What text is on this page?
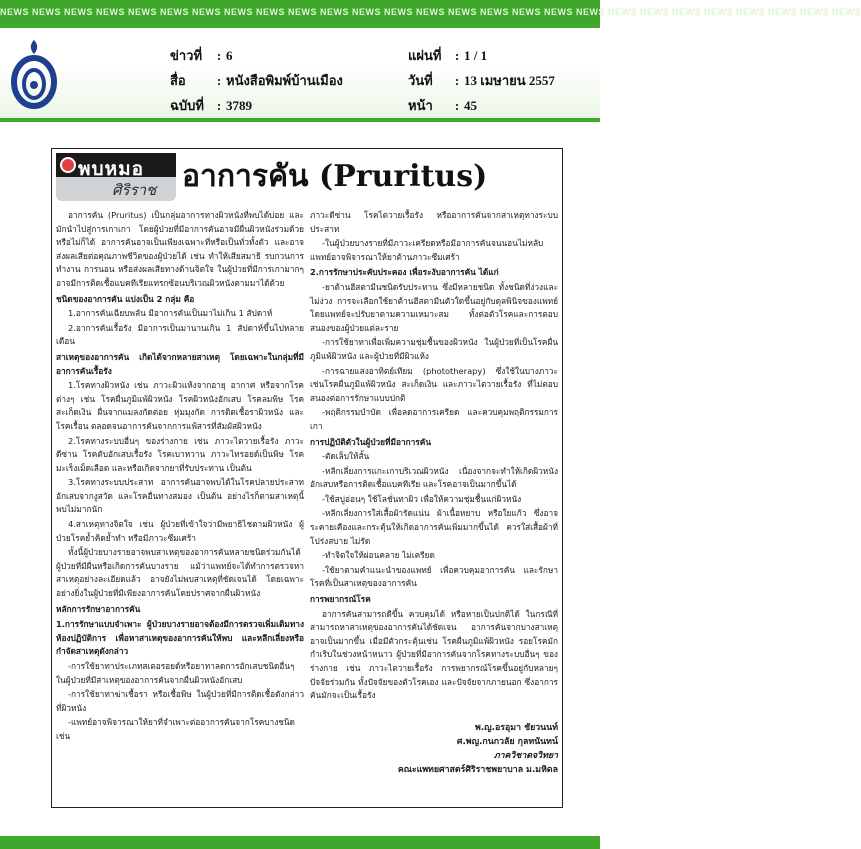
NEWS NEWS NEWS NEWS NEWS NEWS NEWS NEWS NEWS NEWS NEWS NEWS NEWS NEWS NEWS NEWS NEWS NEWS NEWS NEWS NEWS NEWS NEWS NEWS NEWS NEWS NEWS
ข่าวที่ : 6
สื่อ : หนังสือพิมพ์บ้านเมือง
ฉบับที่ : 3789
แผ่นที่ : 1 / 1
วันที่ : 13 เมษายน 2557
หน้า : 45
พบหมอ
ศิริราช อาการคัน (Pruritus)

อาการคัน (Pruritus) เป็นกลุ่มอาการทางผิวหนังที่พบได้บ่อย และมักนำไปสู่การเกาเกา โดยผู้ป่วยที่มีอาการคันอาจมีผื่นผิวหนังร่วมด้วยหรือไม่ก็ได้ อาการคันอาจเป็นเพียงเฉพาะที่หรือเป็นทั่วทั้งตัว และอาจส่งผลเสียต่อคุณภาพชีวิตของผู้ป่วยได้ เช่น ทำให้เสียสมาธิ รบกวนการทำงาน การนอน หรือส่งผลเสียทางด้านจิตใจ ในผู้ป่วยที่มีการเกามากๆ อาจมีการติดเชื้อแบคทีเรียแทรกซ้อนบริเวณผิวหนังตามมาได้ด้วย

ชนิดของอาการคัน แบ่งเป็น 2 กลุ่ม คือ

1.อาการคันเฉียบพลัน มีอาการคันเป็นมาไม่เกิน 1 สัปดาห์

2.อาการคันเรื้อรัง มีอาการเป็นมานานเกิน 1 สัปดาห์ขึ้นไปหลายเดือน

สาเหตุของอาการคัน เกิดได้จากหลายสาเหตุ โดยเฉพาะในกลุ่มที่มีอาการคันเรื้อรัง

1.โรคทางผิวหนัง เช่น ภาวะผิวแห้งจากอายุ อากาศ หรือจากโรคต่างๆ เช่น โรคผื่นภูมิแพ้ผิวหนัง โรคผิวหนังอักเสบ โรคลมพิษ โรคสะเก็ดเงิน ผื่นจากแมลงกัดต่อย หุ่มมุงกัด การติดเชื้อราผิวหนัง และโรคเรื้อน ตลอดจนอาการคันจากการแพ้สารที่สัมผัสผิวหนัง

2.โรคทางระบบอื่นๆ ของร่างกาย เช่น ภาวะไตวายเรื้อรัง ภาวะดีซ่าน โรคตับอักเสบเรื้อรัง โรคเบาหวาน ภาวะไทรอยด์เป็นพิษ โรคมะเร็งเม็ดเลือด และหรือเกิดจากยาที่รับประทาน เป็นต้น

3.โรคทางระบบประสาท อาการคันอาจพบได้ในโรคปลายประสาทอักเสบจากงูสวัด และโรคอื่นทางสมอง เป็นต้น อย่างไรก็ตามสาเหตุนี้พบไม่มากนัก

4.สาเหตุทางจิตใจ เช่น ผู้ป่วยที่เข้าใจว่ามีพยาธิไชตามผิวหนัง ผู้ป่วยโรคย้ำคิดย้ำทำ หรือมีภาวะซึมเศร้า

ทั้งนี้ผู้ป่วยบางรายอาจพบสาเหตุของอาการคันหลายชนิดร่วมกันได้ ผู้ป่วยที่มีผื่นหรือเกิดการคันบางราย แม้ว่าแพทย์จะได้ทำการตรวจหาสาเหตุอย่างละเอียดแล้ว อาจยังไม่พบสาเหตุที่ชัดเจนได้ โดยเฉพาะอย่างยิ่งในผู้ป่วยที่มีเพียงอาการคันโดยปราศจากผื่นผิวหนัง

หลักการรักษาอาการคัน

1.การรักษาแบบจำเพาะ ผู้ป่วยบางรายอาจต้องมีการตรวจเพิ่มเติมทางห้องปฏิบัติการ เพื่อหาสาเหตุของอาการคันให้พบ และหลีกเลี่ยงหรือกำจัดสาเหตุดังกล่าว

-การใช้ยาทาประเภทสเตอรอยด์หรือยาทาลดการอักเสบชนิดอื่นๆ ในผู้ป่วยที่มีสาเหตุของอาการคันจากผื่นผิวหนังอักเสบ

-การใช้ยาทาฆ่าเชื้อรา หรือเชื้อพิษ ในผู้ป่วยที่มีการติดเชื้อดังกล่าวที่ผิวหนัง

-แพทย์อาจพิจารณาให้ยาที่จำเพาะต่ออาการคันจากโรคบางชนิด เช่น

ภาวะดีซ่าน โรคไตวายเรื้อรัง หรืออาการคันจากสาเหตุทางระบบประสาท

-ในผู้ป่วยบางรายที่มีภาวะเครียดหรือมีอาการคันจนนอนไม่หลับ แพทย์อาจพิจารณาให้ยาต้านภาวะซึมเศร้า

2.การรักษาประคับประคอง เพื่อระงับอาการคัน ได้แก่

-ยาต้านฮีสตามีนชนิดรับประทาน ซึ่งมีหลายชนิด ทั้งชนิดที่ง่วงและไม่ง่วง การจะเลือกใช้ยาต้านฮีสตามีนตัวใดขึ้นอยู่กับดุลพินิจของแพทย์ โดยแพทย์จะปรับยาตามความเหมาะสม ทั้งต่อตัวโรคและการตอบสนองของผู้ป่วยแต่ละราย

-การใช้ยาทาเพื่อเพิ่มความชุ่มชื้นของผิวหนัง ในผู้ป่วยที่เป็นโรคผื่นภูมิแพ้ผิวหนัง และผู้ป่วยที่มีผิวแห้ง

-การฉายแสงอาทิตย์เทียม (phototherapy) ซึ่งใช้ในบางภาวะ เช่นโรคผื่นภูมิแพ้ผิวหนัง สะเก็ดเงิน และภาวะไตวายเรื้อรัง ที่ไม่ตอบสนองต่อการรักษาแบบปกติ

-พฤติกรรมบำบัด เพื่อลดอาการเครียด และควบคุมพฤติกรรมการเกา

การปฏิบัติตัวในผู้ป่วยที่มีอาการคัน

-ตัดเล็บให้สั้น

-หลีกเลี่ยงการแกะเกาบริเวณผิวหนัง เนื่องจากจะทำให้เกิดผิวหนังอักเสบหรือการติดเชื้อแบคทีเรีย และโรคอาจเป็นมากขึ้นได้

-ใช้สบู่อ่อนๆ ใช้โลชั่นทาผิว เพื่อให้ความชุ่มชื้นแก่ผิวหนัง

-หลีกเลี่ยงการใส่เสื้อผ้ารัดแน่น ผ้าเนื้อหยาบ หรือใยแก้ว ซึ่งอาจระคายเคืองและกระตุ้นให้เกิดอาการคันเพิ่มมากขึ้นได้ ควรใส่เสื้อผ้าที่โปร่งสบาย ไม่รัด

-ทำจิตใจให้ผ่อนคลาย ไม่เครียด

-ใช้ยาตามคำแนะนำของแพทย์ เพื่อควบคุมอาการคัน และรักษาโรคที่เป็นสาเหตุของอาการคัน

การพยากรณ์โรค

อาการคันสามารถดีขึ้น ควบคุมได้ หรือหายเป็นปกติได้ ในกรณีที่สามารถหาสาเหตุของอาการคันได้ชัดเจน อาการคันจากบางสาเหตุอาจเป็นมากขึ้น เมื่อมีตัวกระตุ้นเช่น โรคผื่นภูมิแพ้ผิวหนัง รอยโรคมักกำเริบในช่วงหน้าหนาว ผู้ป่วยที่มีอาการคันจากโรคทางระบบอื่นๆ ของร่างกาย เช่น ภาวะไตวายเรื้อรัง การพยากรณ์โรคขึ้นอยู่กับหลายๆ ปัจจัยร่วมกัน ทั้งปัจจัยของตัวโรคเอง และปัจจัยจากภายนอก ซึ่งอาการคันมักจะเป็นเรื้อรัง

พ.ญ.อรอุมา ชัยวนนท์
ศ.พญ.กนกวลัย กุลทนันทน์
ภาควิชาตจวิทยา
คณะแพทยศาสตร์ศิริราชพยาบาล ม.มหิดล
